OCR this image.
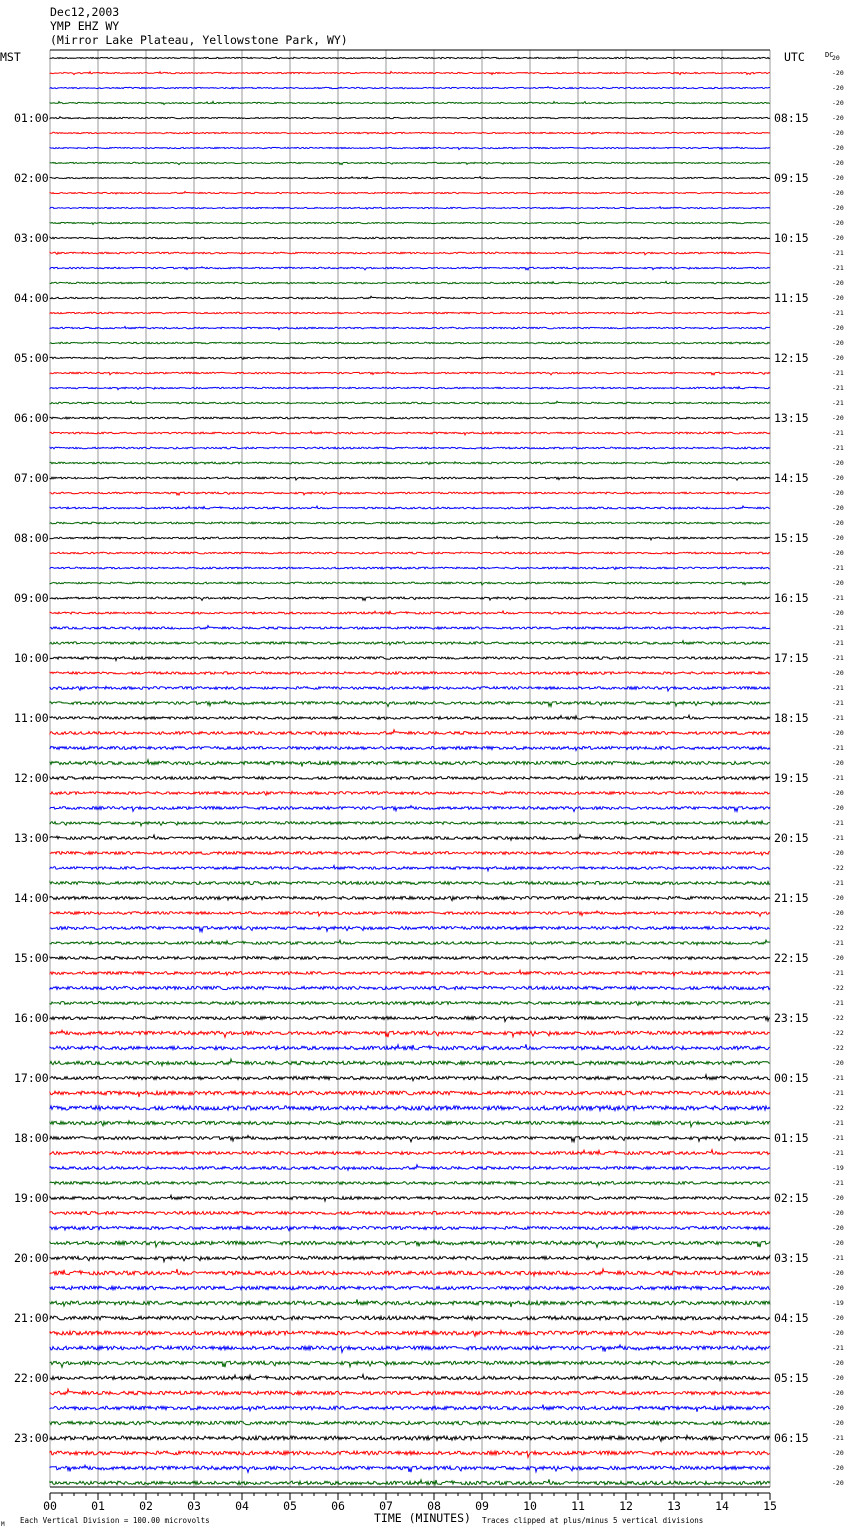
Dec12,2003
YMP EHZ WY
(Mirror Lake Plateau, Yellowstone Park, WY)
MST	UTC	DC
01:00
02:00
03:00
04:00
05:00
06:00
07:00
08:00
09:00
10:00
11:00
12:00
13:00
14:00
15:00
16:00
17:00
18:00
19:00
20:00
21:00
22:00
23:00
08:15
09:15
10:15
11:15
12:15
13:15
14:15
15:15
16:15
17:15
18:15
19:15
20:15
21:15
22:15
23:15
00:15
01:15
02:15
03:15
04:15
05:15
06:15
20
-20
-20
-20
-20
-20
-20
-20
-20
-20
-20
-20
-20
-21
-21
-20
-20
-21
-20
-20
-20
-21
-21
-21
-20
-21
-21
-20
-20
-20
-20
-20
-20
-20
-21
-20
-21
-20
-21
-21
-21
-20
-21
-21
-21
-20
-21
-20
-21
-20
-20
-21
-21
-20
-22
-21
-20
-20
-22
-21
-20
-21
-22
-21
-22
-22
-22
-20
-21
-21
-22
-21
-21
-21
-19
-21
-20
-20
-20
-20
-21
-20
-20
-19
-20
-20
-21
-20
-20
-20
-20
-20
-21
-20
-20
-20
00	01	02	03	04	05	06	07	08	09	10	11	12	13	14	15
TIME (MINUTES)
Each Vertical Division = 100.00 microvolts	Traces clipped at plus/minus 5 vertical divisions
M
